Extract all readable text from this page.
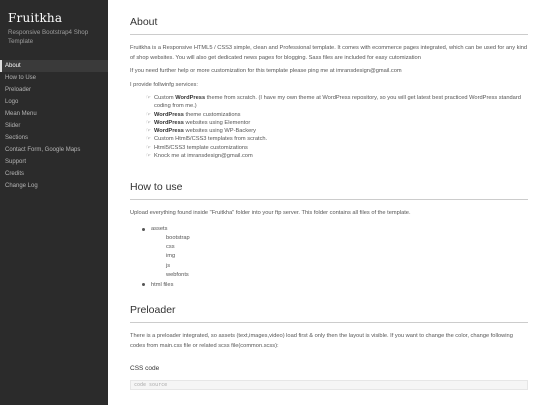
Fruitkha
Responsive Bootstrap4 Shop Template
About
How to Use
Preloader
Logo
Mean Menu
Slider
Sections
Contact Form, Google Maps
Support
Credits
Change Log
About

Fruitkha is a Responsive HTML5 / CSS3 simple, clean and Professional template. It comes with ecommerce pages integrated, which can be used for any kind of shop websites. You will also get dedicated news pages for blogging. Sass files are included for easy cutomization

If you need further help or more customization for this template please ping me at imransdesign@gmail.com

I provide follwinfg services:

☞ Custom WordPress theme from scratch. (I have my own theme at WordPress repository, so you will get latest best practiced WordPress standard coding from me.)
☞ WordPress theme customizations
☞ WordPress websites using Elementor
☞ WordPress websites using WP-Backery
☞ Custom Html5/CSS3 templates from scratch.
☞ Html5/CSS3 template customizations
☞ Knock me at imransdesign@gmail.com
How to use

Upload everything found inside "Fruitkha" folder into your ftp server. This folder contains all files of the template.

assets
bootstrap
css
img
js
webfonts
html files
Preloader

There is a preloader integrated, so assets (text,images,video) load first & only then the layout is visible. If you want to change the color, change following codes from main.css file or related scss file(common.scss):

CSS code
code source
